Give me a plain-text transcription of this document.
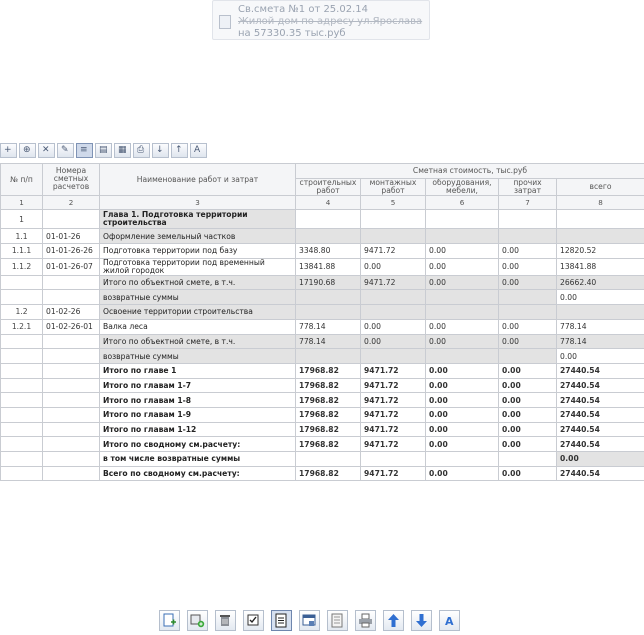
Св.смета №1 от 25.02.14
Жилой дом по адресу ул.Ярослава
на 57330.35 тыс.руб
+ ⊕ ✕ ✎ ≡ ▤ ▦ ⎙ ↓ ↑ A
№ п/п	Номера сметных расчетов	Наименование работ и затрат	Сметная стоимость, тыс.руб				
			строительных работ	монтажных работ	оборудования, мебели,	прочих затрат	всего
1	2	3	4	5	6	7	8
1		Глава 1. Подготовка территории строительства					
1.1	01-01-26	Оформление земельный частков					
1.1.1	01-01-26-26	Подготовка территории под базу	3348.80	9471.72	0.00	0.00	12820.52
1.1.2	01-01-26-07	Подготовка территории под временный жилой городок	13841.88	0.00	0.00	0.00	13841.88
		Итого по объектной смете, в т.ч.	17190.68	9471.72	0.00	0.00	26662.40
		возвратные суммы					0.00
1.2	01-02-26	Освоение территории строительства					
1.2.1	01-02-26-01	Валка леса	778.14	0.00	0.00	0.00	778.14
		Итого по объектной смете, в т.ч.	778.14	0.00	0.00	0.00	778.14
		возвратные суммы					0.00
		Итого по главе 1	17968.82	9471.72	0.00	0.00	27440.54
		Итого по главам 1-7	17968.82	9471.72	0.00	0.00	27440.54
		Итого по главам 1-8	17968.82	9471.72	0.00	0.00	27440.54
		Итого по главам 1-9	17968.82	9471.72	0.00	0.00	27440.54
		Итого по главам 1-12	17968.82	9471.72	0.00	0.00	27440.54
		Итого по сводному см.расчету:	17968.82	9471.72	0.00	0.00	27440.54
		в том числе возвратные суммы					0.00
		Всего по сводному см.расчету:	17968.82	9471.72	0.00	0.00	27440.54
A
